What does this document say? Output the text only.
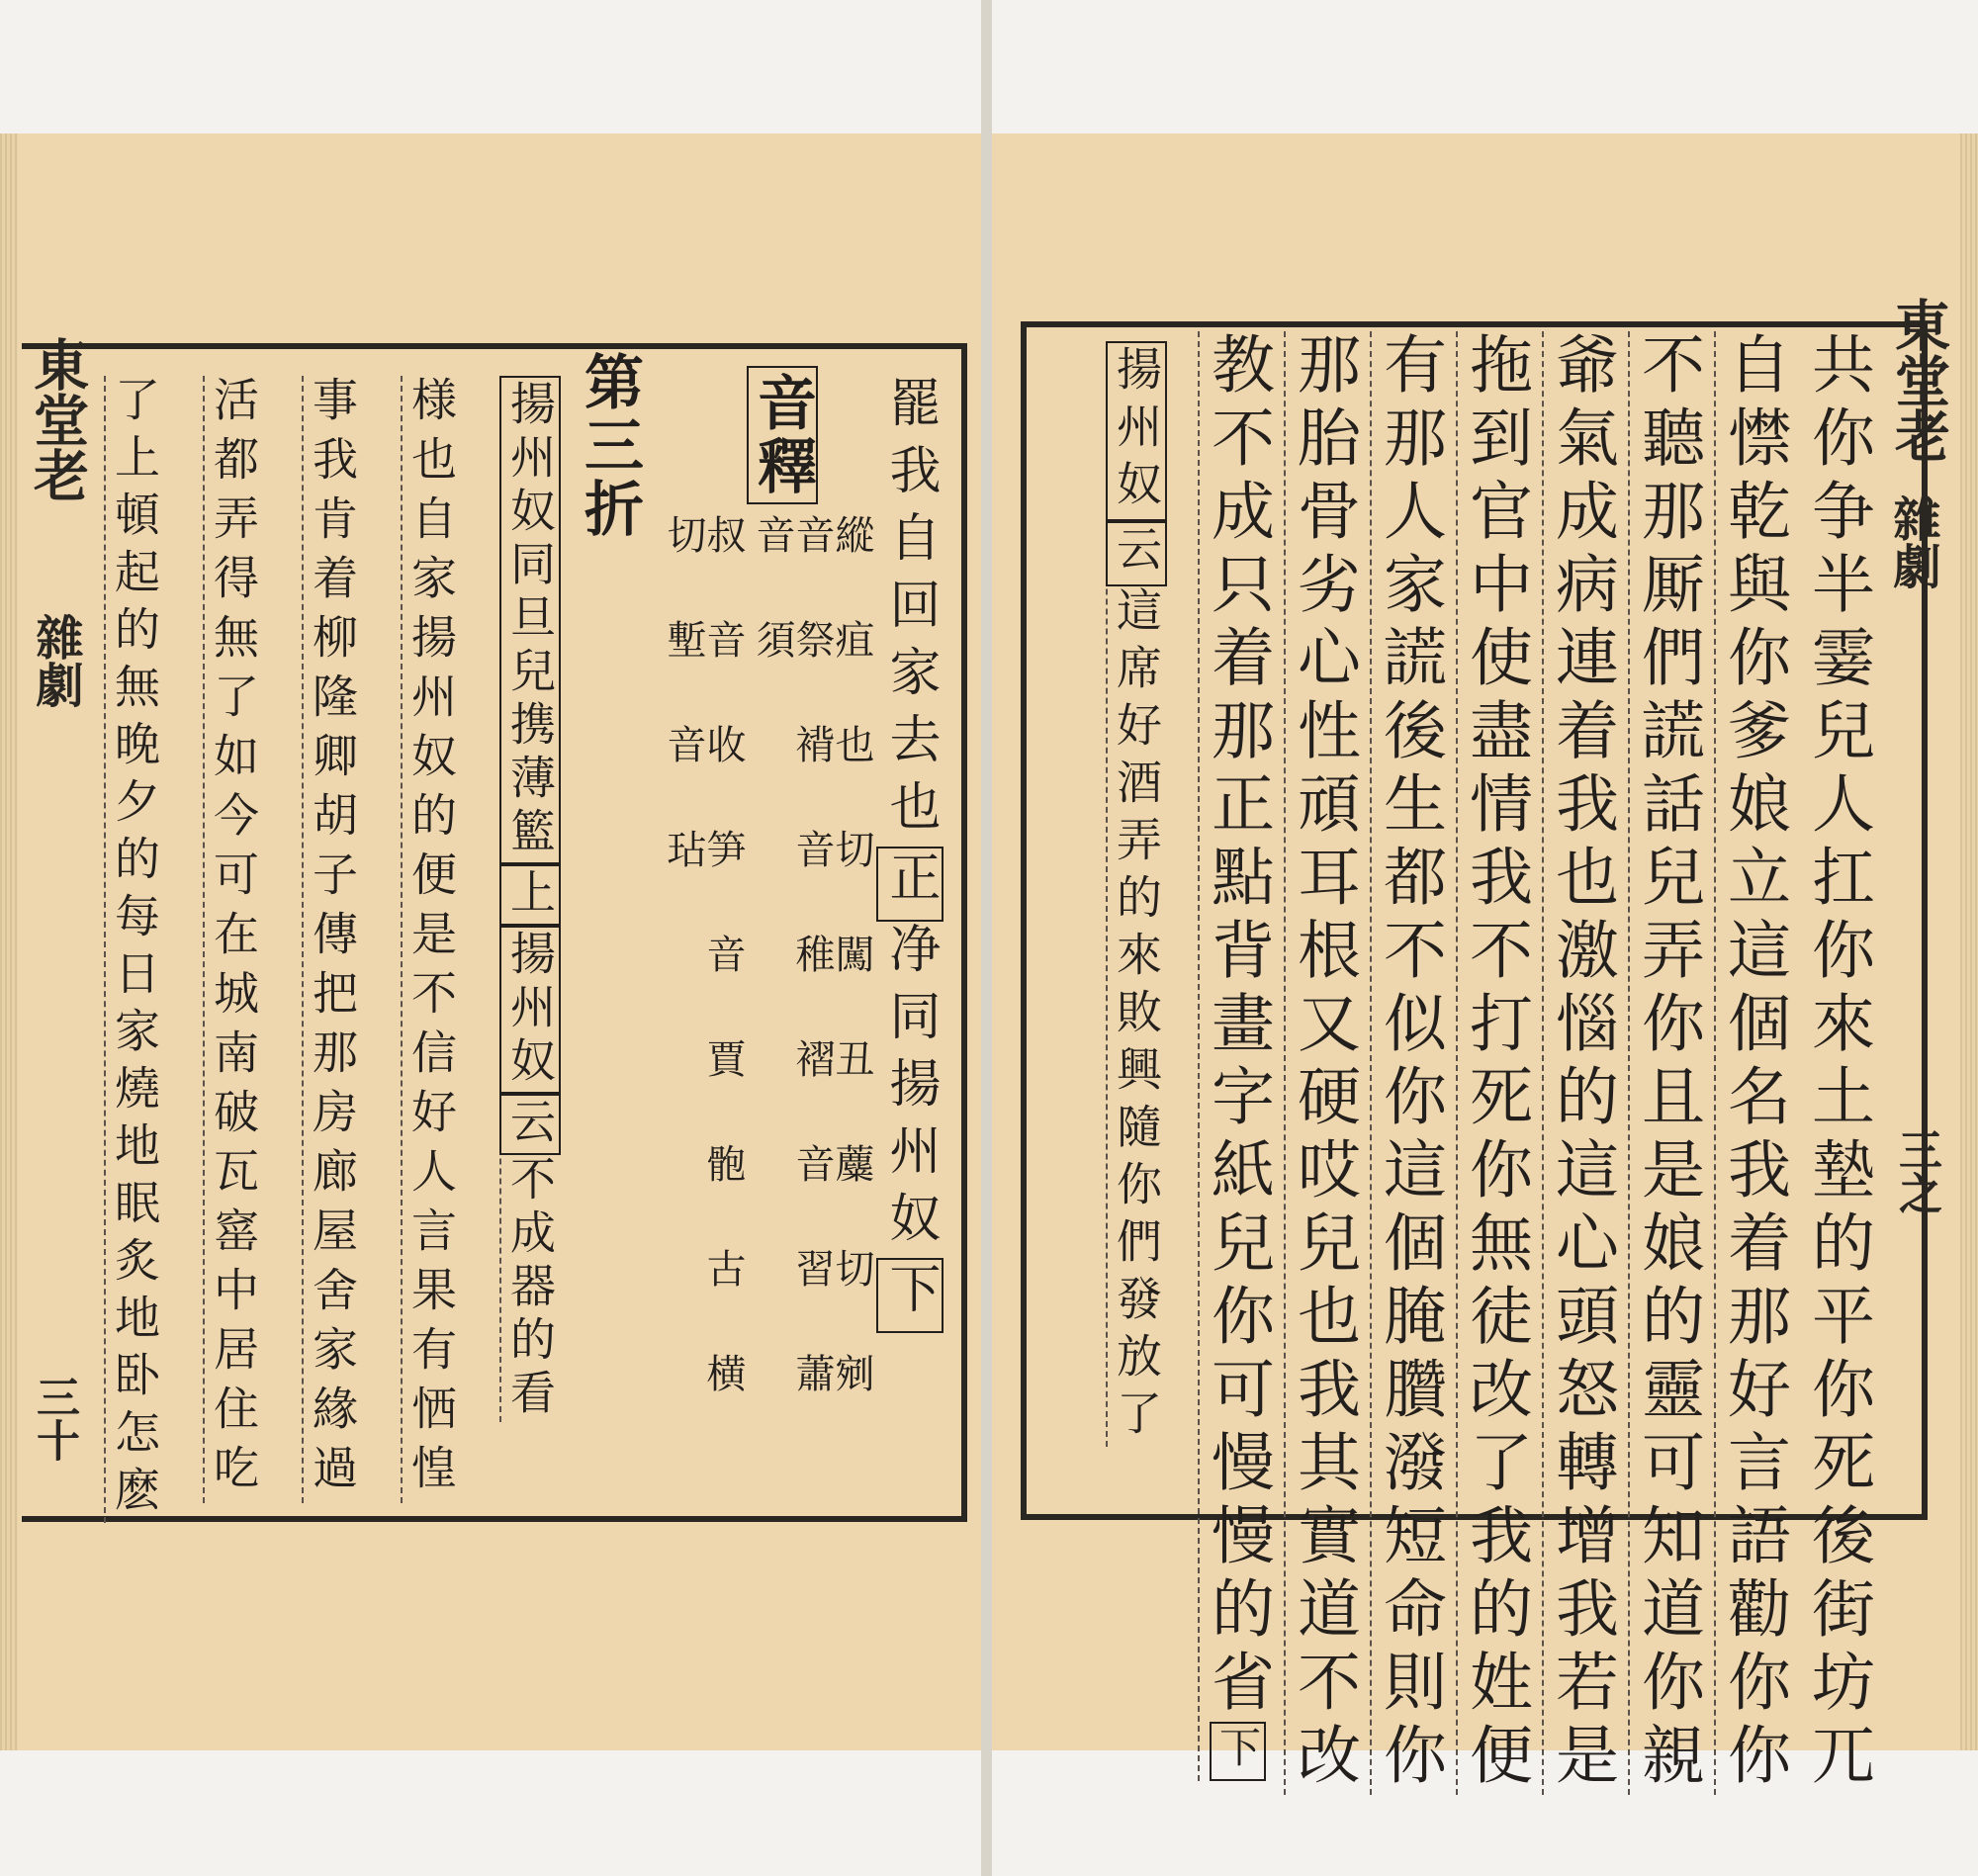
東堂老
雜劇
三十
罷我自回家去也正净同揚州奴下
音釋
縱 疽 也 切 闖 丑 蘪 切 剜 音 祭 褙 音 稚 褶 音 習 蕭 音 須
叔 音 收 笋 音 賈 骲 古 横 切 塹 音 玷
第三折
揚州奴同旦兒携薄籃上揚州奴云不成器的看
様也自家揚州奴的便是不信好人言果有恓惶
事我肯着柳隆卿胡子傳把那房廊屋舍家緣過
活都弄得無了如今可在城南破瓦窰中居住吃
了上頓起的無晚夕的每日家燒地眠炙地卧怎麽	東堂老
雜劇
三之
共你争半霎兒人扛你來土墊的平你死後街坊兀
自㦗乾與你爹娘立這個名我着那好言語勸你你
不聽那厮們謊話兒弄你且是娘的靈可知道你親
爺氣成病連着我也激惱的這心頭怒轉增我若是
拖到官中使盡情我不打死你無徒改了我的姓便
有那人家謊後生都不似你這個腌臢潑短命則你
那胎骨劣心性頑耳根又硬哎兒也我其實道不改
教不成只着那正點背畫字紙兒你可慢慢的省下
揚州奴云這席好酒弄的來敗興隨你們發放了
